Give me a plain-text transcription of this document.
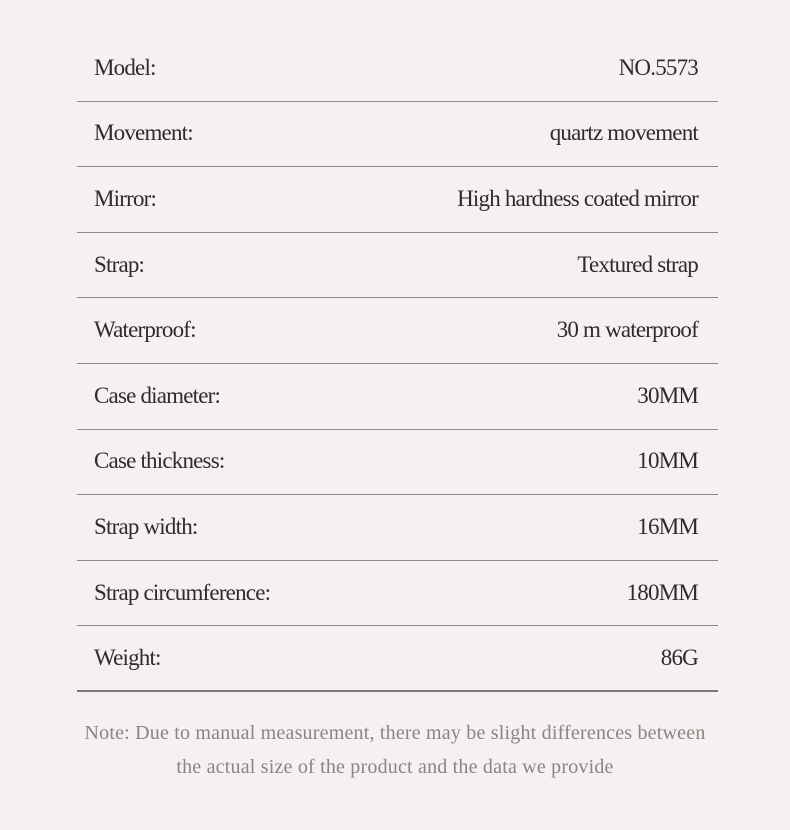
Model:	NO.5573
Movement:	quartz movement
Mirror:	High hardness coated mirror
Strap:	Textured strap
Waterproof:	30 m waterproof
Case diameter:	30MM
Case thickness:	10MM
Strap width:	16MM
Strap circumference:	180MM
Weight:	86G
Note: Due to manual measurement, there may be slight differences between
the actual size of the product and the data we provide
